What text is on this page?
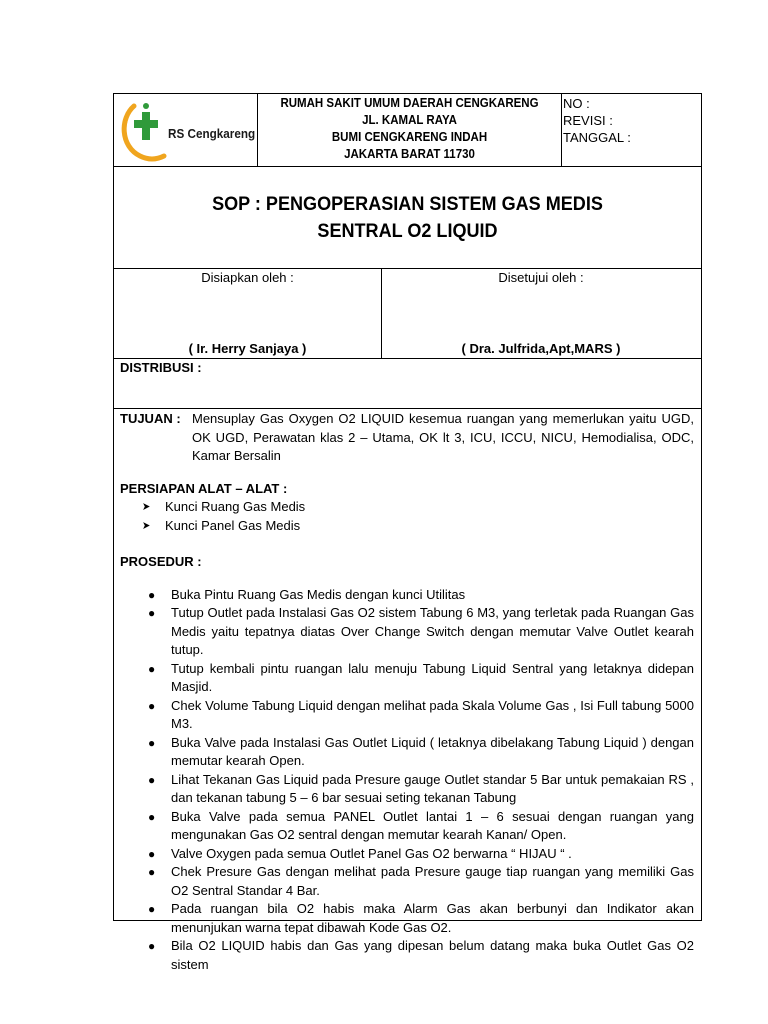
RS Cengkareng
RUMAH SAKIT UMUM DAERAH CENGKARENG
JL. KAMAL RAYA
BUMI CENGKARENG INDAH
JAKARTA BARAT 11730
NO :
REVISI :
TANGGAL :
SOP : PENGOPERASIAN SISTEM GAS MEDIS
SENTRAL O2 LIQUID
Disiapkan oleh :
( Ir. Herry Sanjaya )
Disetujui oleh :
( Dra. Julfrida,Apt,MARS )
DISTRIBUSI :
TUJUAN : Mensuplay Gas Oxygen O2 LIQUID kesemua ruangan yang memerlukan yaitu UGD, OK UGD, Perawatan klas 2 – Utama, OK lt 3, ICU, ICCU, NICU, Hemodialisa, ODC, Kamar Bersalin
PERSIAPAN ALAT – ALAT :
➤	Kunci Ruang Gas Medis
➤	Kunci Panel Gas Medis
PROSEDUR :
●	Buka Pintu Ruang Gas Medis dengan kunci Utilitas
●	Tutup Outlet pada Instalasi Gas O2 sistem Tabung 6 M3, yang terletak pada Ruangan Gas Medis yaitu tepatnya diatas Over Change Switch dengan memutar Valve Outlet kearah tutup.
●	Tutup kembali pintu ruangan lalu menuju Tabung Liquid Sentral yang letaknya didepan Masjid.
●	Chek Volume Tabung Liquid dengan melihat pada Skala Volume Gas , Isi Full tabung 5000 M3.
●	Buka Valve pada Instalasi Gas Outlet Liquid ( letaknya dibelakang Tabung Liquid ) dengan memutar kearah Open.
●	Lihat Tekanan Gas Liquid pada Presure gauge Outlet standar 5 Bar untuk pemakaian RS , dan tekanan tabung 5 – 6 bar sesuai seting tekanan Tabung
●	Buka Valve pada semua PANEL Outlet lantai 1 – 6 sesuai dengan ruangan yang mengunakan Gas O2 sentral dengan memutar kearah Kanan/ Open.
●	Valve Oxygen pada semua Outlet Panel Gas O2 berwarna “ HIJAU “ .
●	Chek Presure Gas dengan melihat pada Presure gauge tiap ruangan yang memiliki Gas O2 Sentral Standar 4 Bar.
●	Pada ruangan bila O2 habis maka Alarm Gas akan berbunyi dan Indikator akan menunjukan warna tepat dibawah Kode Gas O2.
●	Bila O2 LIQUID habis dan Gas yang dipesan belum datang maka buka Outlet Gas O2 sistem
